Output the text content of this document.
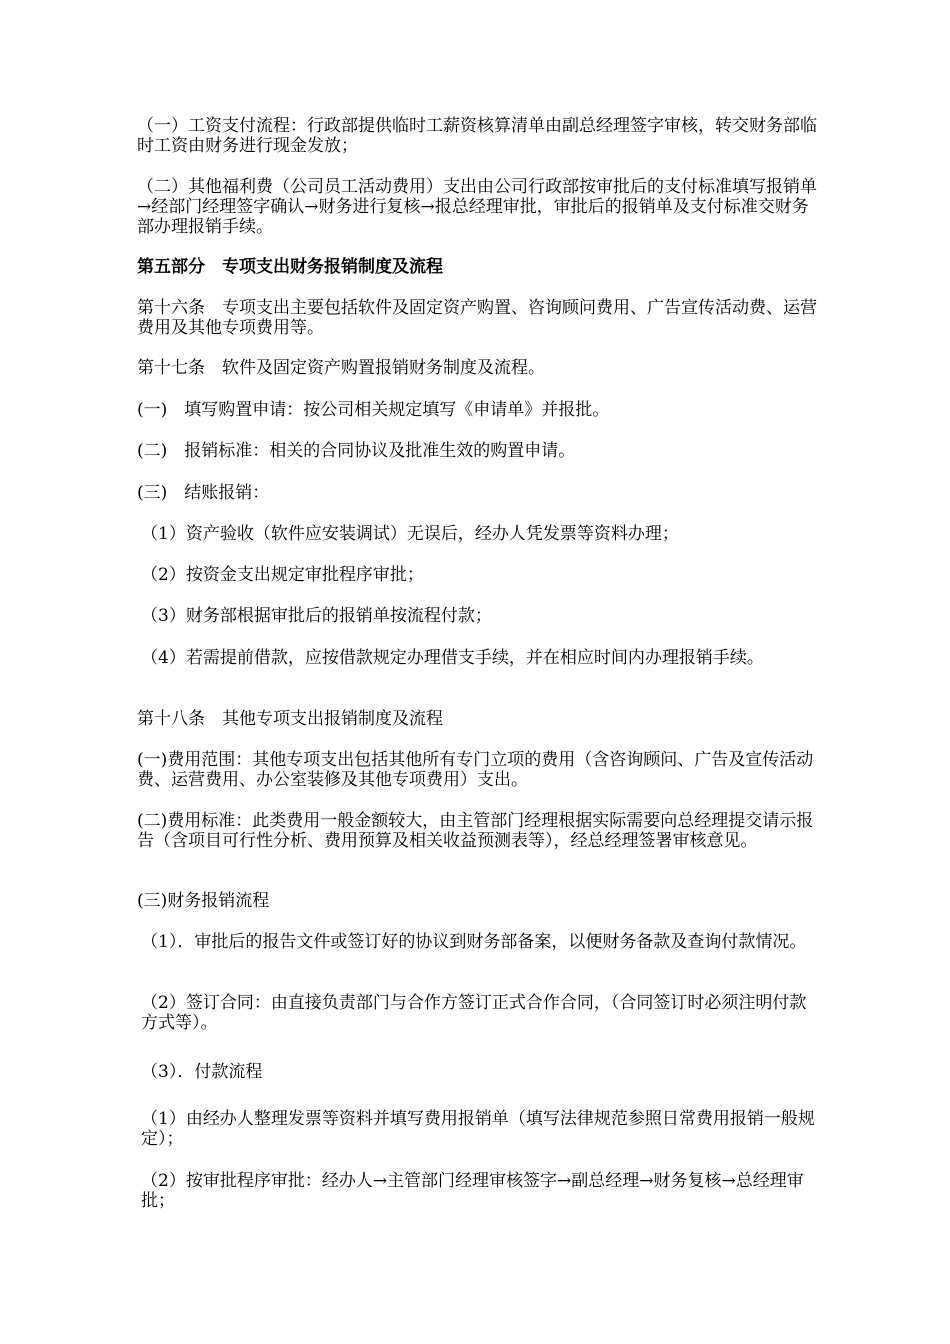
（一）工资支付流程：行政部提供临时工薪资核算清单由副总经理签字审核，转交财务部临时工资由财务进行现金发放；

（二）其他福利费（公司员工活动费用）支出由公司行政部按审批后的支付标准填写报销单→经部门经理签字确认→财务进行复核→报总经理审批，审批后的报销单及支付标准交财务部办理报销手续。

第五部分　专项支出财务报销制度及流程

第十六条　专项支出主要包括软件及固定资产购置、咨询顾问费用、广告宣传活动费、运营费用及其他专项费用等。

第十七条　软件及固定资产购置报销财务制度及流程。

(一)　填写购置申请：按公司相关规定填写《申请单》并报批。

(二)　报销标准：相关的合同协议及批准生效的购置申请。

(三)　结账报销：

（1）资产验收（软件应安装调试）无误后，经办人凭发票等资料办理；

（2）按资金支出规定审批程序审批；

（3）财务部根据审批后的报销单按流程付款；

（4）若需提前借款，应按借款规定办理借支手续，并在相应时间内办理报销手续。

第十八条　其他专项支出报销制度及流程

(一)费用范围：其他专项支出包括其他所有专门立项的费用（含咨询顾问、广告及宣传活动费、运营费用、办公室装修及其他专项费用）支出。

(二)费用标准：此类费用一般金额较大，由主管部门经理根据实际需要向总经理提交请示报告（含项目可行性分析、费用预算及相关收益预测表等），经总经理签署审核意见。

(三)财务报销流程

（1）．审批后的报告文件或签订好的协议到财务部备案，以便财务备款及查询付款情况。

（2）签订合同：由直接负责部门与合作方签订正式合作合同，（合同签订时必须注明付款方式等）。

（3）．付款流程

（1）由经办人整理发票等资料并填写费用报销单（填写法律规范参照日常费用报销一般规定）；

（2）按审批程序审批：经办人→主管部门经理审核签字→副总经理→财务复核→总经理审批；
